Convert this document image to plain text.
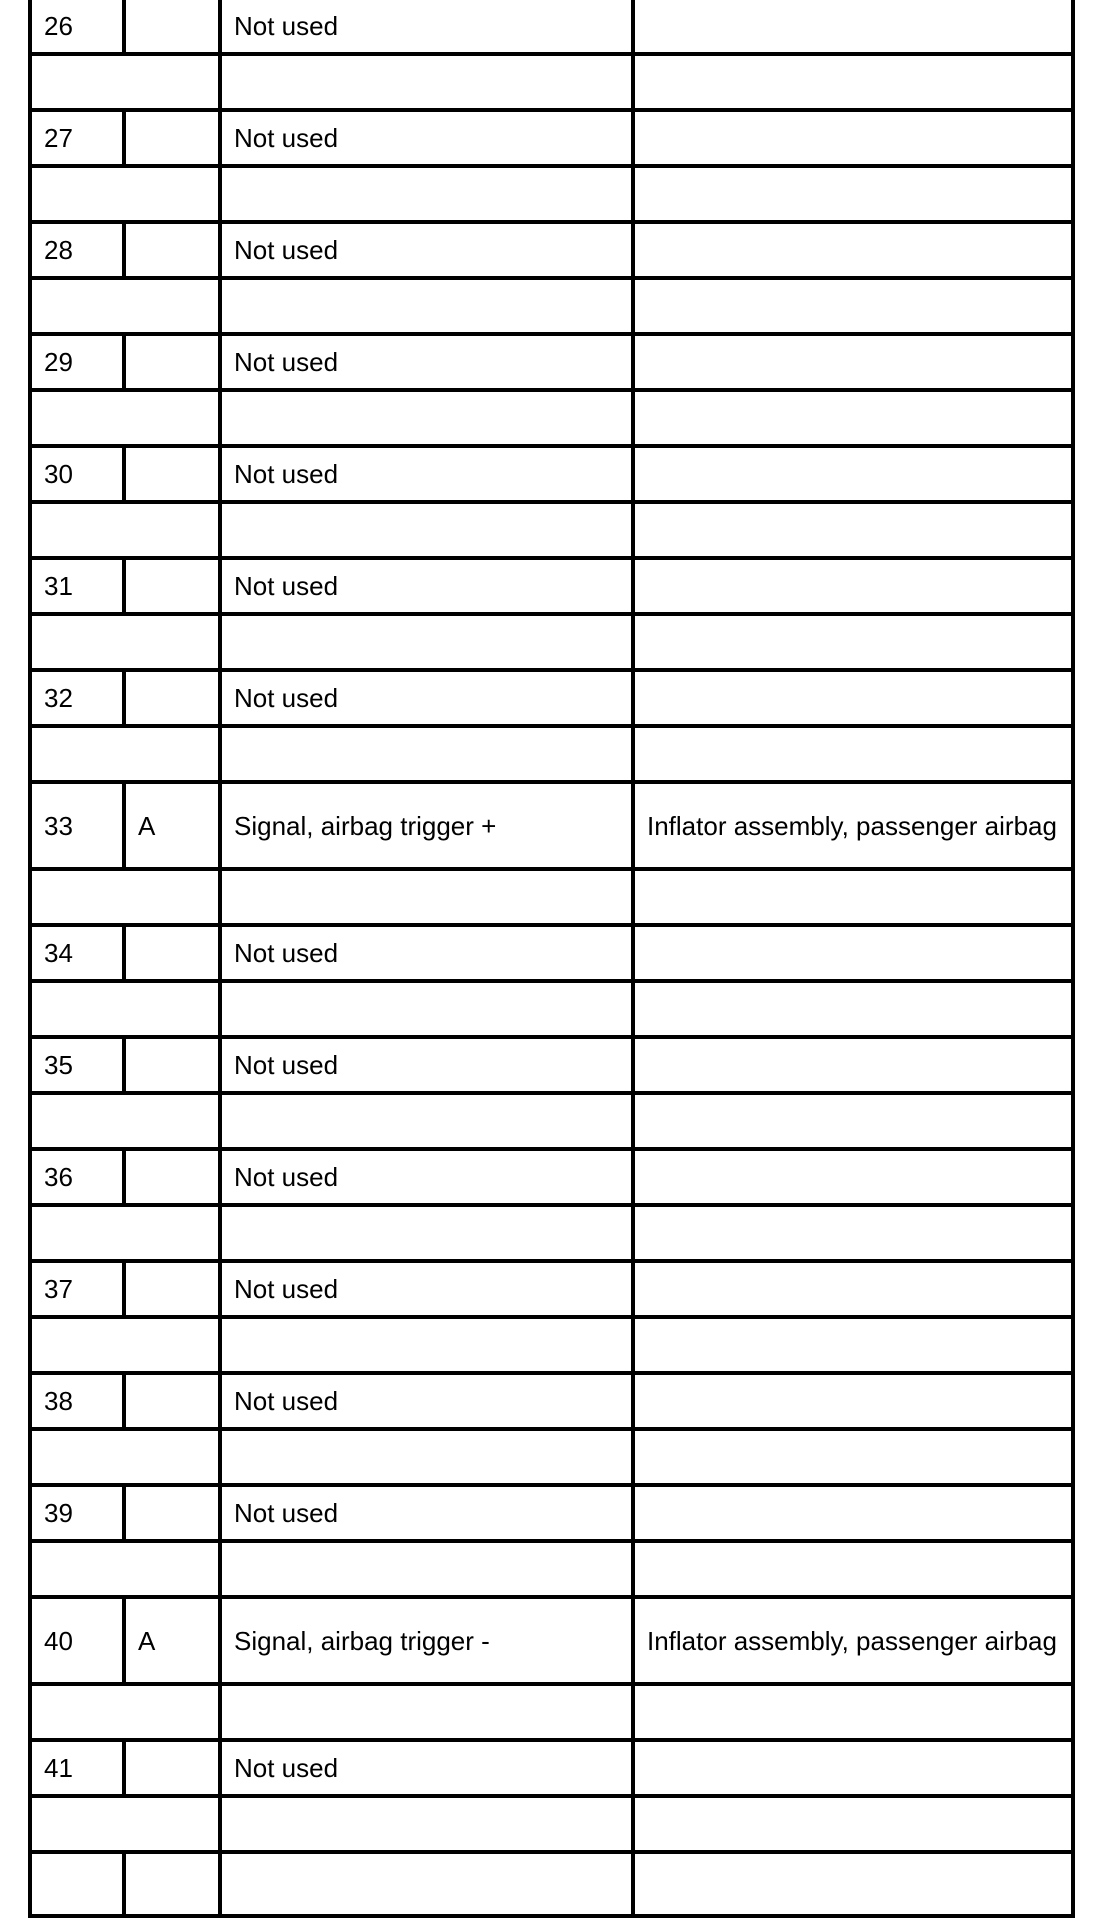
26		Not used	

27		Not used	

28		Not used	

29		Not used	

30		Not used	

31		Not used	

32		Not used	

33	A	Signal, airbag trigger +	Inflator assembly, passenger airbag

34		Not used	

35		Not used	

36		Not used	

37		Not used	

38		Not used	

39		Not used	

40	A	Signal, airbag trigger -	Inflator assembly, passenger airbag

41		Not used	
